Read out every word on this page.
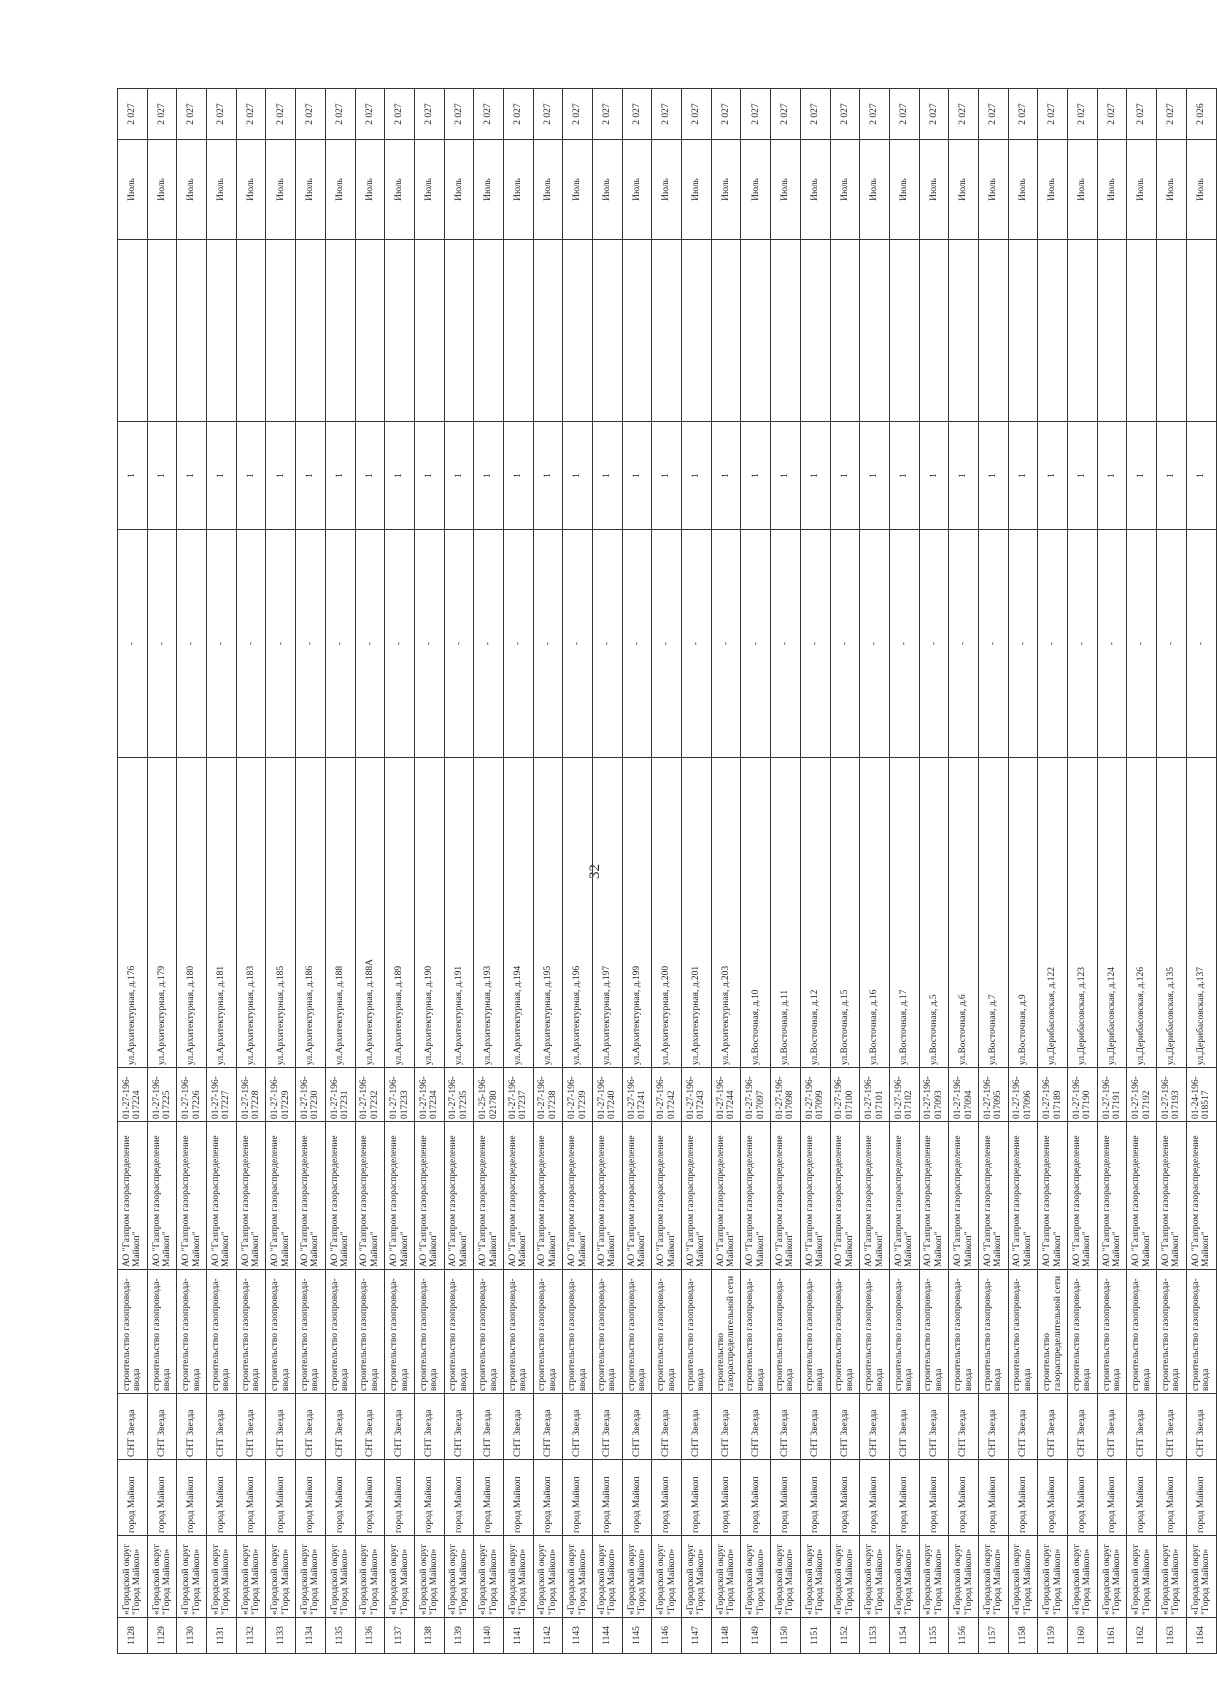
32
1128	«Городской округ "Город Майкоп»	город Майкоп	СНТ Звезда	строительство газопровода-ввода	АО "Газпром газораспределение Майкоп"	01-27-196-017224	ул.Архитектурная, д.176	-	1		Июль	2 027
1129	«Городской округ "Город Майкоп»	город Майкоп	СНТ Звезда	строительство газопровода-ввода	АО "Газпром газораспределение Майкоп"	01-27-196-017225	ул.Архитектурная, д.179	-	1		Июль	2 027
1130	«Городской округ "Город Майкоп»	город Майкоп	СНТ Звезда	строительство газопровода-ввода	АО "Газпром газораспределение Майкоп"	01-27-196-017226	ул.Архитектурная, д.180	-	1		Июль	2 027
1131	«Городской округ "Город Майкоп»	город Майкоп	СНТ Звезда	строительство газопровода-ввода	АО "Газпром газораспределение Майкоп"	01-27-196-017227	ул.Архитектурная, д.181	-	1		Июль	2 027
1132	«Городской округ "Город Майкоп»	город Майкоп	СНТ Звезда	строительство газопровода-ввода	АО "Газпром газораспределение Майкоп"	01-27-196-017228	ул.Архитектурная, д.183	-	1		Июль	2 027
1133	«Городской округ "Город Майкоп»	город Майкоп	СНТ Звезда	строительство газопровода-ввода	АО "Газпром газораспределение Майкоп"	01-27-196-017229	ул.Архитектурная, д.185	-	1		Июль	2 027
1134	«Городской округ "Город Майкоп»	город Майкоп	СНТ Звезда	строительство газопровода-ввода	АО "Газпром газораспределение Майкоп"	01-27-196-017230	ул.Архитектурная, д.186	-	1		Июль	2 027
1135	«Городской округ "Город Майкоп»	город Майкоп	СНТ Звезда	строительство газопровода-ввода	АО "Газпром газораспределение Майкоп"	01-27-196-017231	ул.Архитектурная, д.188	-	1		Июль	2 027
1136	«Городской округ "Город Майкоп»	город Майкоп	СНТ Звезда	строительство газопровода-ввода	АО "Газпром газораспределение Майкоп"	01-27-196-017232	ул.Архитектурная, д.188А	-	1		Июль	2 027
1137	«Городской округ "Город Майкоп»	город Майкоп	СНТ Звезда	строительство газопровода-ввода	АО "Газпром газораспределение Майкоп"	01-27-196-017233	ул.Архитектурная, д.189	-	1		Июль	2 027
1138	«Городской округ "Город Майкоп»	город Майкоп	СНТ Звезда	строительство газопровода-ввода	АО "Газпром газораспределение Майкоп"	01-27-196-017234	ул.Архитектурная, д.190	-	1		Июль	2 027
1139	«Городской округ "Город Майкоп»	город Майкоп	СНТ Звезда	строительство газопровода-ввода	АО "Газпром газораспределение Майкоп"	01-27-196-017235	ул.Архитектурная, д.191	-	1		Июль	2 027
1140	«Городской округ "Город Майкоп»	город Майкоп	СНТ Звезда	строительство газопровода-ввода	АО "Газпром газораспределение Майкоп"	01-25-196-021780	ул.Архитектурная, д.193	-	1		Июль	2 027
1141	«Городской округ "Город Майкоп»	город Майкоп	СНТ Звезда	строительство газопровода-ввода	АО "Газпром газораспределение Майкоп"	01-27-196-017237	ул.Архитектурная, д.194	-	1		Июль	2 027
1142	«Городской округ "Город Майкоп»	город Майкоп	СНТ Звезда	строительство газопровода-ввода	АО "Газпром газораспределение Майкоп"	01-27-196-017238	ул.Архитектурная, д.195	-	1		Июль	2 027
1143	«Городской округ "Город Майкоп»	город Майкоп	СНТ Звезда	строительство газопровода-ввода	АО "Газпром газораспределение Майкоп"	01-27-196-017239	ул.Архитектурная, д.196	-	1		Июль	2 027
1144	«Городской округ "Город Майкоп»	город Майкоп	СНТ Звезда	строительство газопровода-ввода	АО "Газпром газораспределение Майкоп"	01-27-196-017240	ул.Архитектурная, д.197	-	1		Июль	2 027
1145	«Городской округ "Город Майкоп»	город Майкоп	СНТ Звезда	строительство газопровода-ввода	АО "Газпром газораспределение Майкоп"	01-27-196-017241	ул.Архитектурная, д.199	-	1		Июль	2 027
1146	«Городской округ "Город Майкоп»	город Майкоп	СНТ Звезда	строительство газопровода-ввода	АО "Газпром газораспределение Майкоп"	01-27-196-017242	ул.Архитектурная, д.200	-	1		Июль	2 027
1147	«Городской округ "Город Майкоп»	город Майкоп	СНТ Звезда	строительство газопровода-ввода	АО "Газпром газораспределение Майкоп"	01-27-196-017243	ул.Архитектурная, д.201	-	1		Июль	2 027
1148	«Городской округ "Город Майкоп»	город Майкоп	СНТ Звезда	строительство газораспределительной сети	АО "Газпром газораспределение Майкоп"	01-27-196-017244	ул.Архитектурная, д.203	-	1		Июль	2 027
1149	«Городской округ "Город Майкоп»	город Майкоп	СНТ Звезда	строительство газопровода-ввода	АО "Газпром газораспределение Майкоп"	01-27-196-017097	ул.Восточная, д.10	-	1		Июль	2 027
1150	«Городской округ "Город Майкоп»	город Майкоп	СНТ Звезда	строительство газопровода-ввода	АО "Газпром газораспределение Майкоп"	01-27-196-017098	ул.Восточная, д.11	-	1		Июль	2 027
1151	«Городской округ "Город Майкоп»	город Майкоп	СНТ Звезда	строительство газопровода-ввода	АО "Газпром газораспределение Майкоп"	01-27-196-017099	ул.Восточная, д.12	-	1		Июль	2 027
1152	«Городской округ "Город Майкоп»	город Майкоп	СНТ Звезда	строительство газопровода-ввода	АО "Газпром газораспределение Майкоп"	01-27-196-017100	ул.Восточная, д.15	-	1		Июль	2 027
1153	«Городской округ "Город Майкоп»	город Майкоп	СНТ Звезда	строительство газопровода-ввода	АО "Газпром газораспределение Майкоп"	01-27-196-017101	ул.Восточная, д.16	-	1		Июль	2 027
1154	«Городской округ "Город Майкоп»	город Майкоп	СНТ Звезда	строительство газопровода-ввода	АО "Газпром газораспределение Майкоп"	01-27-196-017102	ул.Восточная, д.17	-	1		Июль	2 027
1155	«Городской округ "Город Майкоп»	город Майкоп	СНТ Звезда	строительство газопровода-ввода	АО "Газпром газораспределение Майкоп"	01-27-196-017093	ул.Восточная, д.5	-	1		Июль	2 027
1156	«Городской округ "Город Майкоп»	город Майкоп	СНТ Звезда	строительство газопровода-ввода	АО "Газпром газораспределение Майкоп"	01-27-196-017094	ул.Восточная, д.6	-	1		Июль	2 027
1157	«Городской округ "Город Майкоп»	город Майкоп	СНТ Звезда	строительство газопровода-ввода	АО "Газпром газораспределение Майкоп"	01-27-196-017095	ул.Восточная, д.7	-	1		Июль	2 027
1158	«Городской округ "Город Майкоп»	город Майкоп	СНТ Звезда	строительство газопровода-ввода	АО "Газпром газораспределение Майкоп"	01-27-196-017096	ул.Восточная, д.9	-	1		Июль	2 027
1159	«Городской округ "Город Майкоп»	город Майкоп	СНТ Звезда	строительство газораспределительной сети	АО "Газпром газораспределение Майкоп"	01-27-196-017189	ул.Дерибасовская, д.122	-	1		Июль	2 027
1160	«Городской округ "Город Майкоп»	город Майкоп	СНТ Звезда	строительство газопровода-ввода	АО "Газпром газораспределение Майкоп"	01-27-196-017190	ул.Дерибасовская, д.123	-	1		Июль	2 027
1161	«Городской округ "Город Майкоп»	город Майкоп	СНТ Звезда	строительство газопровода-ввода	АО "Газпром газораспределение Майкоп"	01-27-196-017191	ул.Дерибасовская, д.124	-	1		Июль	2 027
1162	«Городской округ "Город Майкоп»	город Майкоп	СНТ Звезда	строительство газопровода-ввода	АО "Газпром газораспределение Майкоп"	01-27-196-017192	ул.Дерибасовская, д.126	-	1		Июль	2 027
1163	«Городской округ "Город Майкоп»	город Майкоп	СНТ Звезда	строительство газопровода-ввода	АО "Газпром газораспределение Майкоп"	01-27-196-017193	ул.Дерибасовская, д.135	-	1		Июль	2 027
1164	«Городской округ "Город Майкоп»	город Майкоп	СНТ Звезда	строительство газопровода-ввода	АО "Газпром газораспределение Майкоп"	01-24-196-018517	ул.Дерибасовская, д.137	-	1		Июль	2 026
